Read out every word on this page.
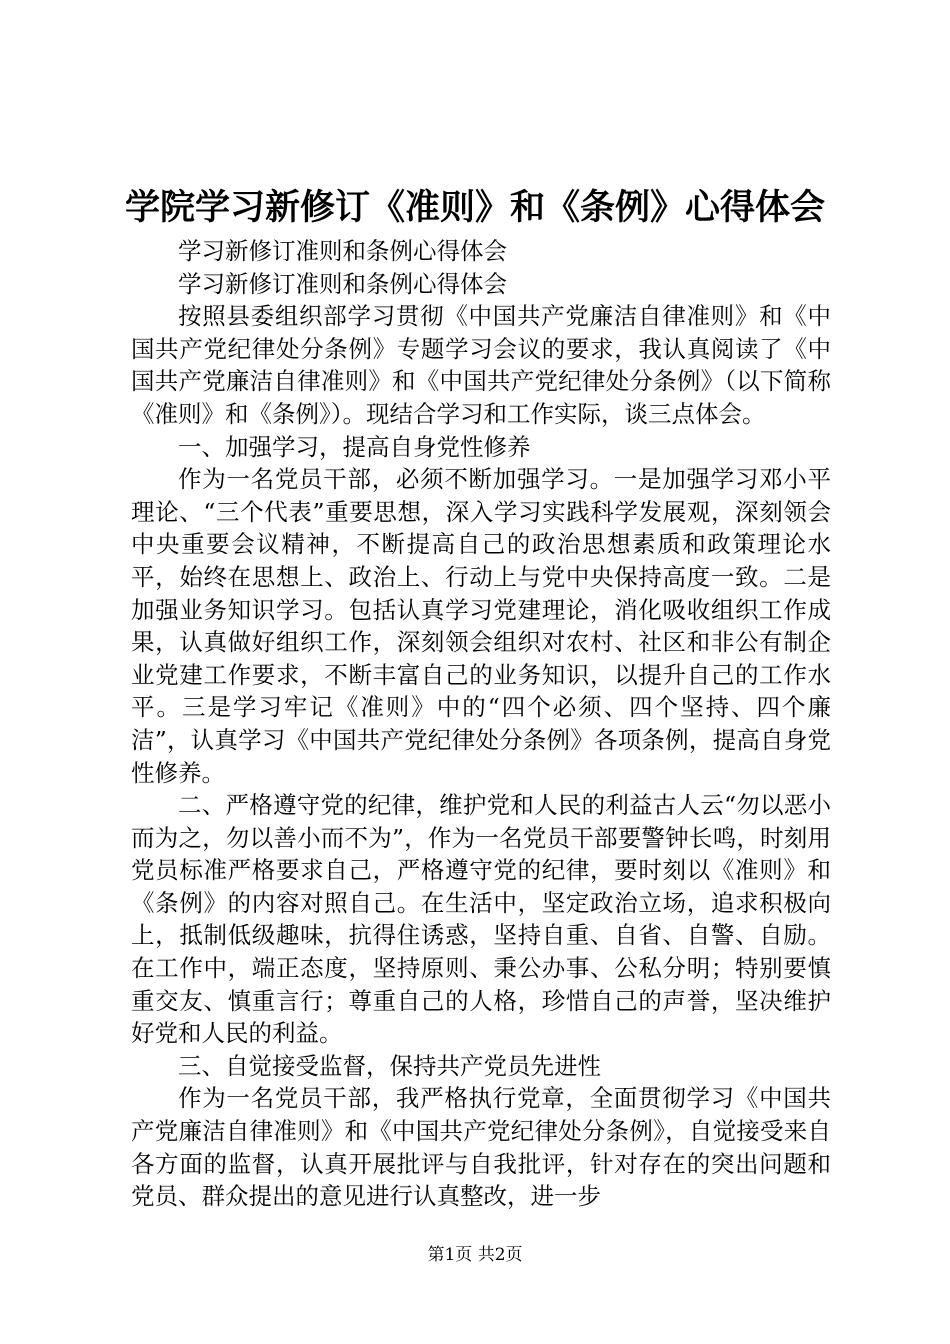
学院学习新修订《准则》和《条例》心得体会

学习新修订准则和条例心得体会

学习新修订准则和条例心得体会

按照县委组织部学习贯彻《中国共产党廉洁自律准则》和《中国共产党纪律处分条例》专题学习会议的要求，我认真阅读了《中国共产党廉洁自律准则》和《中国共产党纪律处分条例》（以下简称《准则》和《条例》）。现结合学习和工作实际，谈三点体会。

一、加强学习，提高自身党性修养

作为一名党员干部，必须不断加强学习。一是加强学习邓小平理论、“三个代表”重要思想，深入学习实践科学发展观，深刻领会中央重要会议精神，不断提高自己的政治思想素质和政策理论水平，始终在思想上、政治上、行动上与党中央保持高度一致。二是加强业务知识学习。包括认真学习党建理论，消化吸收组织工作成果，认真做好组织工作，深刻领会组织对农村、社区和非公有制企业党建工作要求，不断丰富自己的业务知识，以提升自己的工作水平。三是学习牢记《准则》中的“四个必须、四个坚持、四个廉洁”，认真学习《中国共产党纪律处分条例》各项条例，提高自身党性修养。

二、严格遵守党的纪律，维护党和人民的利益古人云“勿以恶小而为之，勿以善小而不为”，作为一名党员干部要警钟长鸣，时刻用党员标准严格要求自己，严格遵守党的纪律，要时刻以《准则》和《条例》的内容对照自己。在生活中，坚定政治立场，追求积极向上，抵制低级趣味，抗得住诱惑，坚持自重、自省、自警、自励。在工作中，端正态度，坚持原则、秉公办事、公私分明；特别要慎重交友、慎重言行；尊重自己的人格，珍惜自己的声誉，坚决维护好党和人民的利益。

三、自觉接受监督，保持共产党员先进性

作为一名党员干部，我严格执行党章，全面贯彻学习《中国共产党廉洁自律准则》和《中国共产党纪律处分条例》，自觉接受来自各方面的监督，认真开展批评与自我批评，针对存在的突出问题和党员、群众提出的意见进行认真整改，进一步

第1页 共2页
